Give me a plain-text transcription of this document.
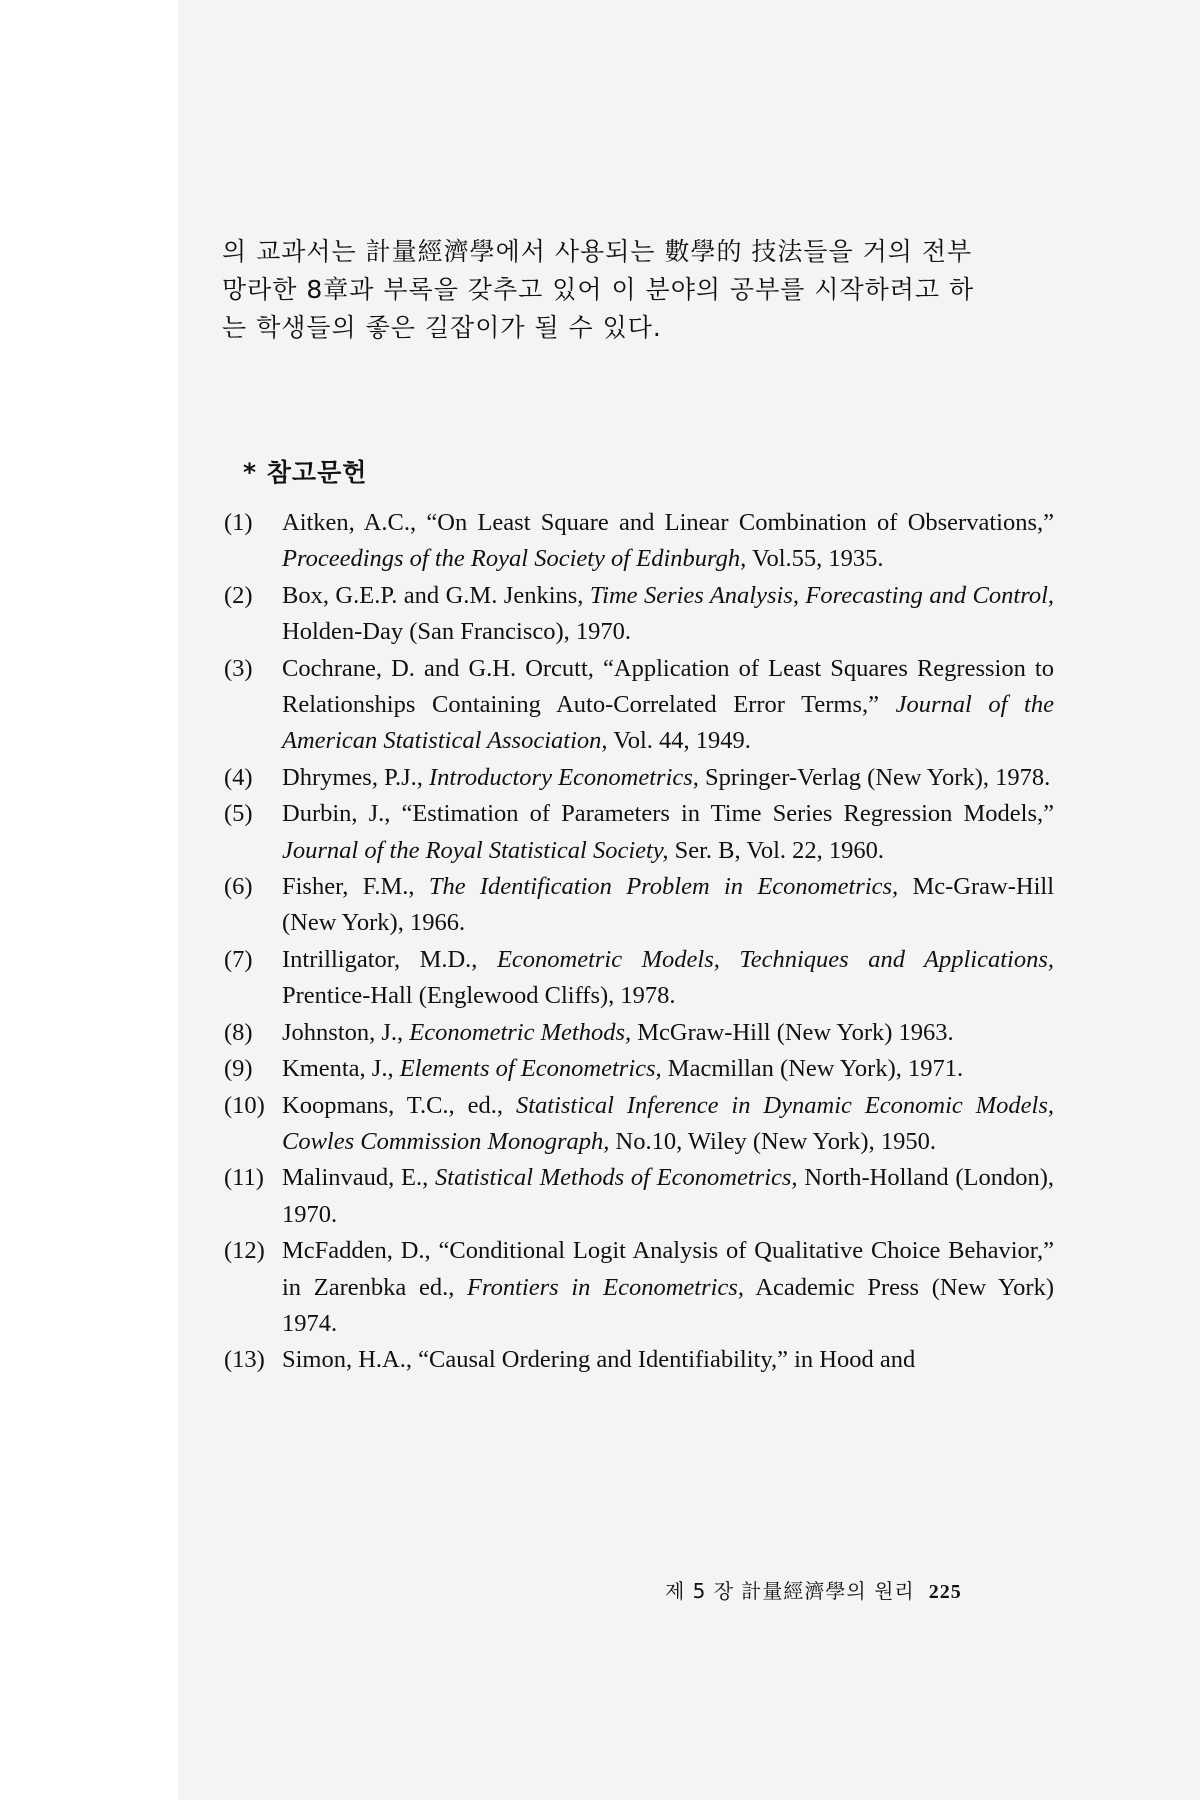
의 교과서는 計量經濟學에서 사용되는 數學的 技法들을 거의 전부
망라한 8章과 부록을 갖추고 있어 이 분야의 공부를 시작하려고 하
는 학생들의 좋은 길잡이가 될 수 있다.
* 참고문헌
(1) Aitken, A.C., “On Least Square and Linear Combination of Observations,” Proceedings of the Royal Society of Edinburgh, Vol.55, 1935.
(2) Box, G.E.P. and G.M. Jenkins, Time Series Analysis, Forecasting and Control, Holden-Day (San Francisco), 1970.
(3) Cochrane, D. and G.H. Orcutt, “Application of Least Squares Regression to Relationships Containing Auto-Correlated Error Terms,” Journal of the American Statistical Association, Vol. 44, 1949.
(4) Dhrymes, P.J., Introductory Econometrics, Springer-Verlag (New York), 1978.
(5) Durbin, J., “Estimation of Parameters in Time Series Regression Models,” Journal of the Royal Statistical Society, Ser. B, Vol. 22, 1960.
(6) Fisher, F.M., The Identification Problem in Econometrics, Mc-Graw-Hill (New York), 1966.
(7) Intrilligator, M.D., Econometric Models, Techniques and Applications, Prentice-Hall (Englewood Cliffs), 1978.
(8) Johnston, J., Econometric Methods, McGraw-Hill (New York) 1963.
(9) Kmenta, J., Elements of Econometrics, Macmillan (New York), 1971.
(10) Koopmans, T.C., ed., Statistical Inference in Dynamic Economic Models, Cowles Commission Monograph, No.10, Wiley (New York), 1950.
(11) Malinvaud, E., Statistical Methods of Econometrics, North-Holland (London), 1970.
(12) McFadden, D., “Conditional Logit Analysis of Qualitative Choice Behavior,” in Zarenbka ed., Frontiers in Econometrics, Academic Press (New York) 1974.
(13) Simon, H.A., “Causal Ordering and Identifiability,” in Hood and
제 5 장 計量經濟學의 원리 225
